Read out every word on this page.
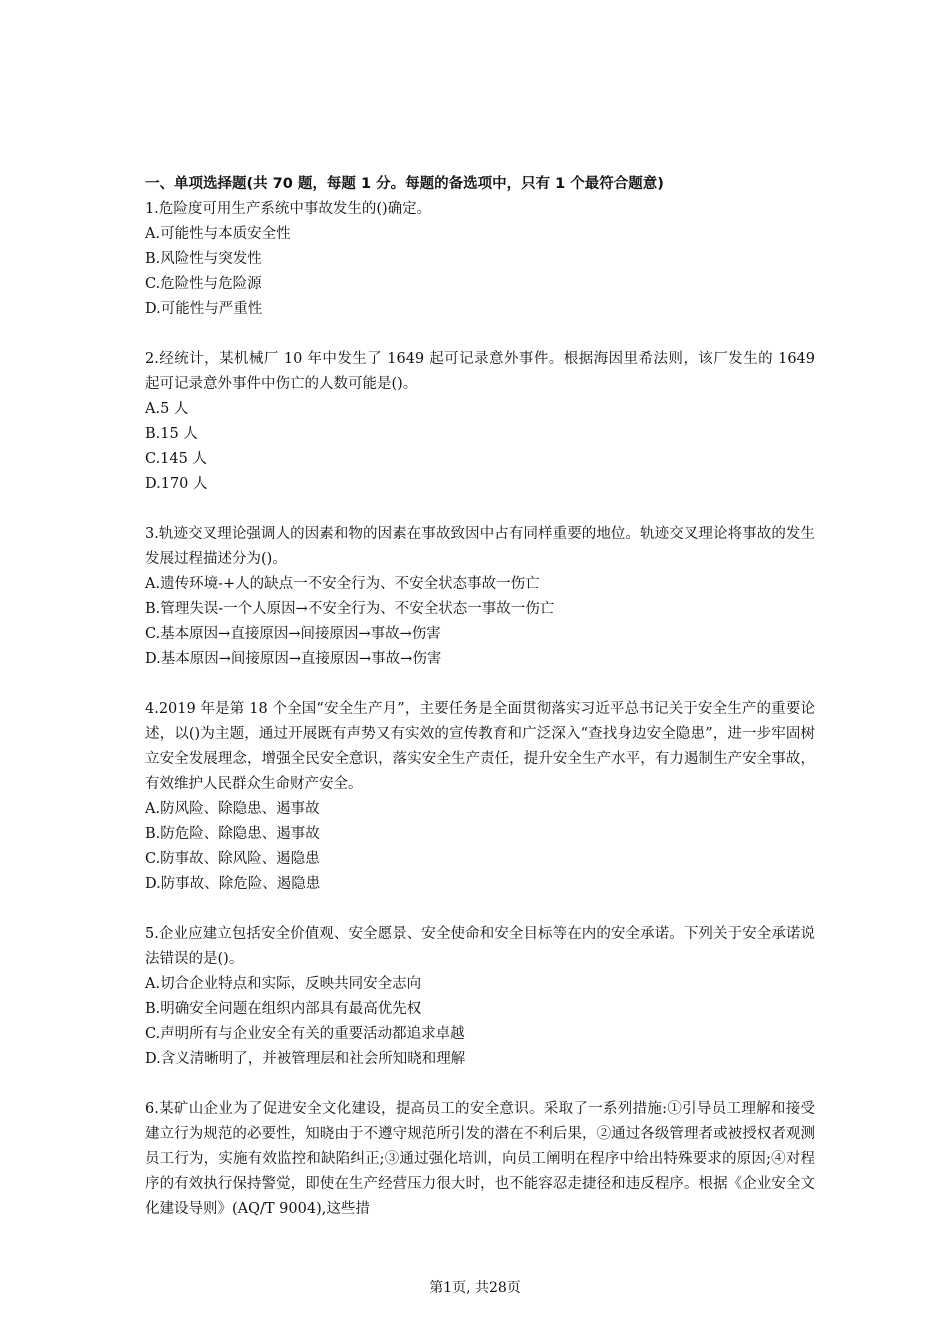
一、单项选择题(共 70 题，每题 1 分。每题的备选项中，只有 1 个最符合题意)

1.危险度可用生产系统中事故发生的()确定。

A.可能性与本质安全性

B.风险性与突发性

C.危险性与危险源

D.可能性与严重性

2.经统计，某机械厂 10 年中发生了 1649 起可记录意外事件。根据海因里希法则，该厂发生的 1649 起可记录意外事件中伤亡的人数可能是()。

A.5 人

B.15 人

C.145 人

D.170 人

3.轨迹交叉理论强调人的因素和物的因素在事故致因中占有同样重要的地位。轨迹交叉理论将事故的发生发展过程描述分为()。

A.遗传环境-+人的缺点一不安全行为、不安全状态事故一伤亡

B.管理失误-一个人原因→不安全行为、不安全状态一事故一伤亡

C.基本原因→直接原因→间接原因→事故→伤害

D.基本原因→间接原因→直接原因→事故→伤害

4.2019 年是第 18 个全国“安全生产月”，主要任务是全面贯彻落实习近平总书记关于安全生产的重要论述，以()为主题，通过开展既有声势又有实效的宣传教育和广泛深入“查找身边安全隐患”，进一步牢固树立安全发展理念，增强全民安全意识，落实安全生产责任，提升安全生产水平，有力遏制生产安全事故，有效维护人民群众生命财产安全。

A.防风险、除隐患、遏事故

B.防危险、除隐患、遏事故

C.防事故、除风险、遏隐患

D.防事故、除危险、遏隐患

5.企业应建立包括安全价值观、安全愿景、安全使命和安全目标等在内的安全承诺。下列关于安全承诺说法错误的是()。

A.切合企业特点和实际，反映共同安全志向

B.明确安全问题在组织内部具有最高优先权

C.声明所有与企业安全有关的重要活动都追求卓越

D.含义清晰明了，并被管理层和社会所知晓和理解

6.某矿山企业为了促进安全文化建设，提高员工的安全意识。采取了一系列措施:①引导员工理解和接受建立行为规范的必要性，知晓由于不遵守规范所引发的潜在不利后果，②通过各级管理者或被授权者观测员工行为，实施有效监控和缺陷纠正;③通过强化培训，向员工阐明在程序中给出特殊要求的原因;④对程序的有效执行保持警觉，即使在生产经营压力很大时，也不能容忍走捷径和违反程序。根据《企业安全文化建设导则》(AQ/T 9004),这些措

第1页, 共28页
